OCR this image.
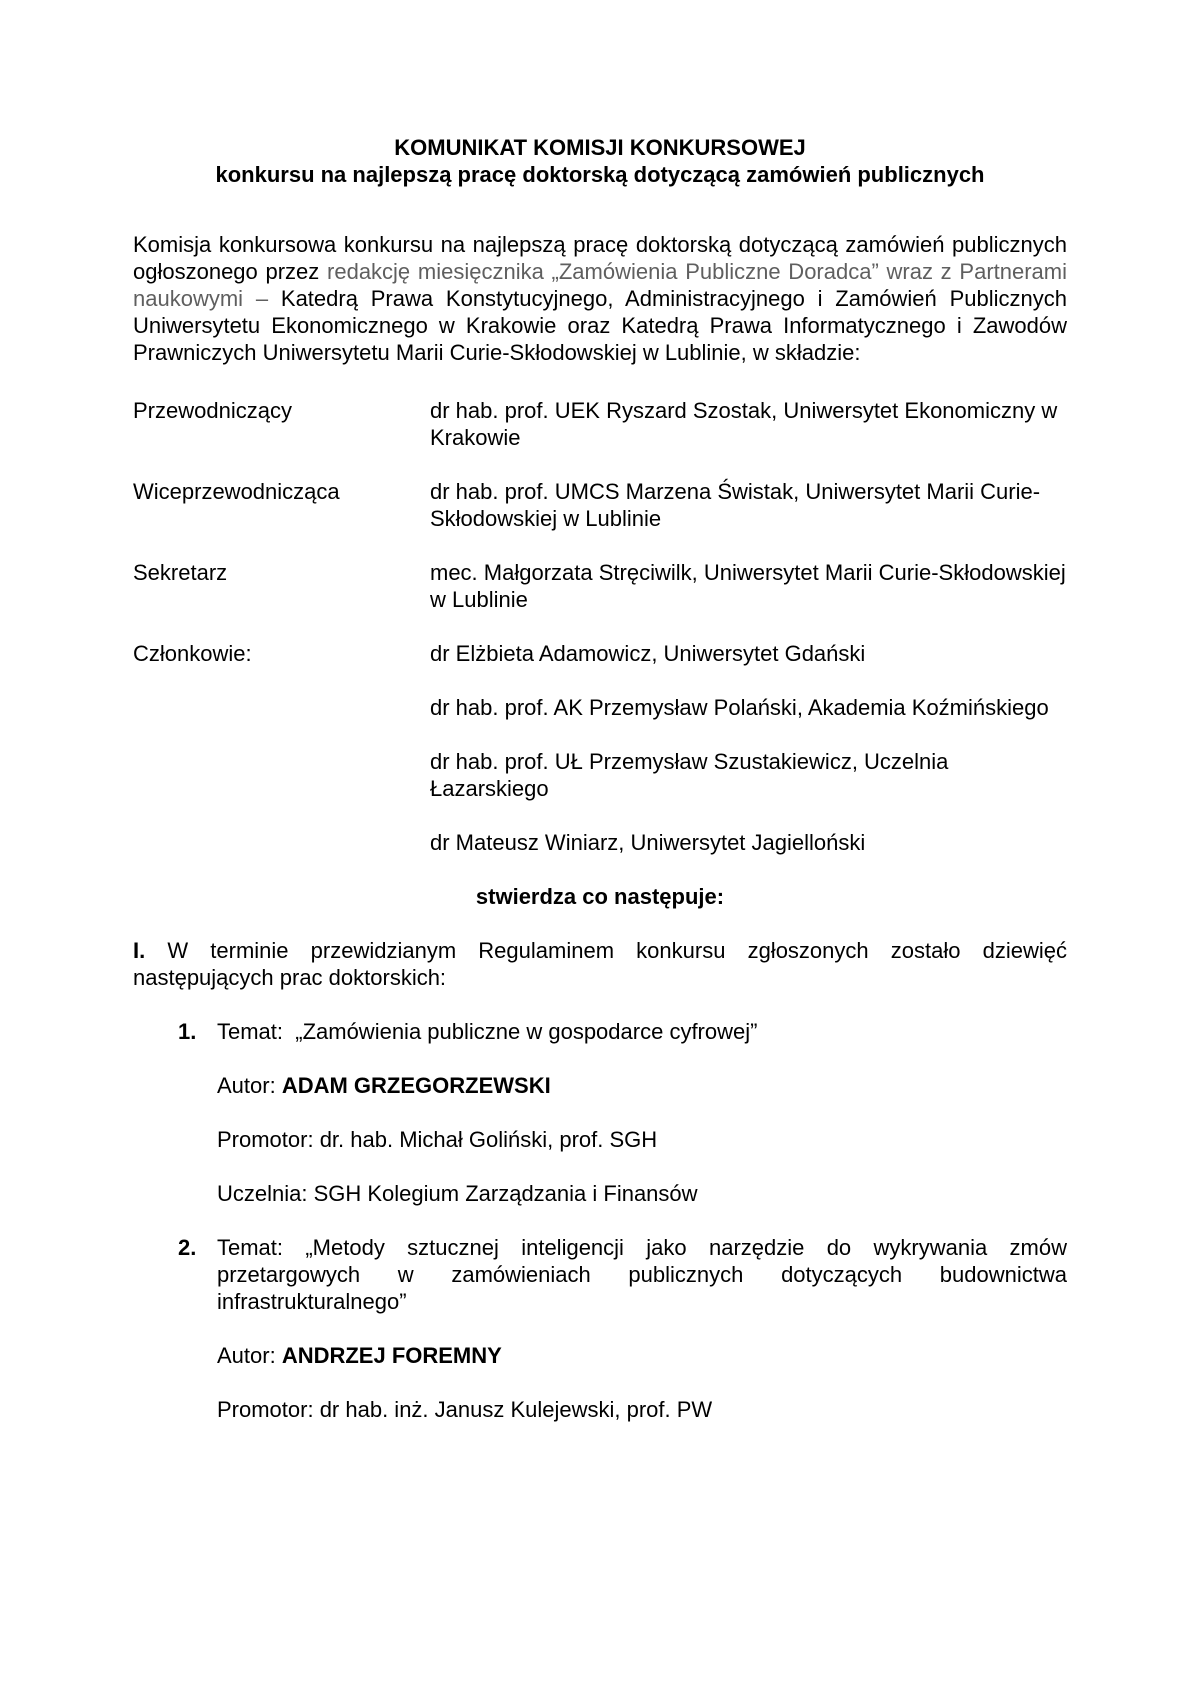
KOMUNIKAT KOMISJI KONKURSOWEJ
konkursu na najlepszą pracę doktorską dotyczącą zamówień publicznych

Komisja konkursowa konkursu na najlepszą pracę doktorską dotyczącą zamówień publicznych ogłoszonego przez redakcję miesięcznika „Zamówienia Publiczne Doradca” wraz z Partnerami naukowymi – Katedrą Prawa Konstytucyjnego, Administracyjnego i Zamówień Publicznych Uniwersytetu Ekonomicznego w Krakowie oraz Katedrą Prawa Informatycznego i Zawodów Prawniczych Uniwersytetu Marii Curie-Skłodowskiej w Lublinie, w składzie:

Przewodniczący	dr hab. prof. UEK Ryszard Szostak, Uniwersytet Ekonomiczny w Krakowie
Wiceprzewodnicząca	dr hab. prof. UMCS Marzena Świstak, Uniwersytet Marii Curie-Skłodowskiej w Lublinie
Sekretarz	mec. Małgorzata Stręciwilk, Uniwersytet Marii Curie-Skłodowskiej w Lublinie
Członkowie:	dr Elżbieta Adamowicz, Uniwersytet Gdański
dr hab. prof. AK Przemysław Polański, Akademia Koźmińskiego
dr hab. prof. UŁ Przemysław Szustakiewicz, Uczelnia Łazarskiego
dr Mateusz Winiarz, Uniwersytet Jagielloński

stwierdza co następuje:

I. W terminie przewidzianym Regulaminem konkursu zgłoszonych zostało dziewięć następujących prac doktorskich:

1. Temat:  „Zamówienia publiczne w gospodarce cyfrowej”

Autor: ADAM GRZEGORZEWSKI

Promotor: dr. hab. Michał Goliński, prof. SGH

Uczelnia: SGH Kolegium Zarządzania i Finansów

2. Temat: „Metody sztucznej inteligencji jako narzędzie do wykrywania zmów przetargowych w zamówieniach publicznych dotyczących budownictwa infrastrukturalnego”

Autor: ANDRZEJ FOREMNY

Promotor: dr hab. inż. Janusz Kulejewski, prof. PW
